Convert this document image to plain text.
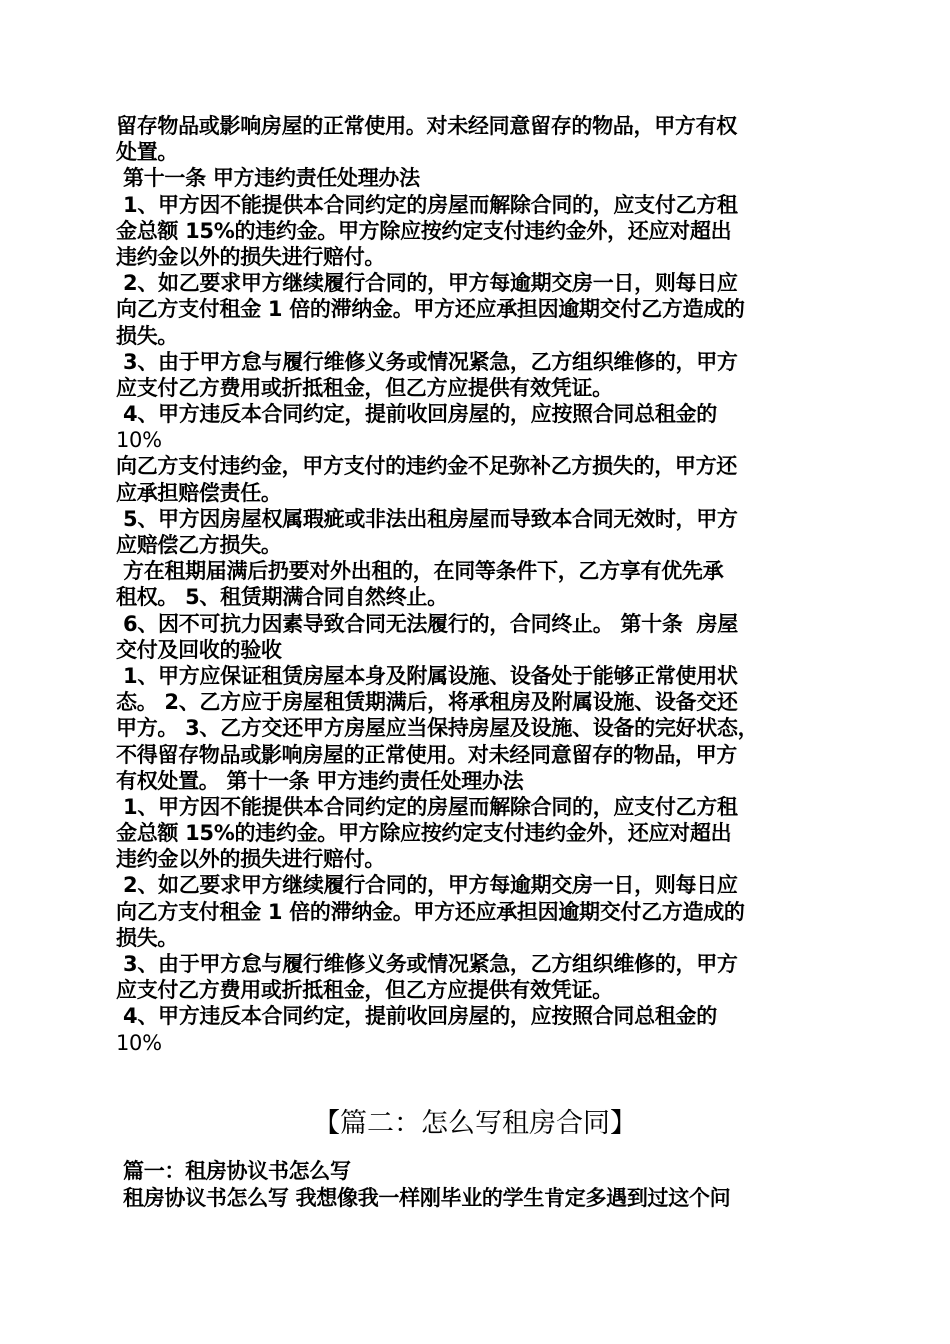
留存物品或影响房屋的正常使用。对未经同意留存的物品，甲方有权
处置。
第十一条 甲方违约责任处理办法
1、甲方因不能提供本合同约定的房屋而解除合同的，应支付乙方租
金总额 15%的违约金。甲方除应按约定支付违约金外，还应对超出
违约金以外的损失进行赔付。
2、如乙要求甲方继续履行合同的，甲方每逾期交房一日，则每日应
向乙方支付租金 1 倍的滞纳金。甲方还应承担因逾期交付乙方造成的
损失。
3、由于甲方怠与履行维修义务或情况紧急，乙方组织维修的，甲方
应支付乙方费用或折抵租金，但乙方应提供有效凭证。
4、甲方违反本合同约定，提前收回房屋的，应按照合同总租金的
10%
向乙方支付违约金，甲方支付的违约金不足弥补乙方损失的，甲方还
应承担赔偿责任。
5、甲方因房屋权属瑕疵或非法出租房屋而导致本合同无效时，甲方
应赔偿乙方损失。
方在租期届满后扔要对外出租的，在同等条件下，乙方享有优先承
租权。 5、租赁期满合同自然终止。
6、因不可抗力因素导致合同无法履行的，合同终止。 第十条  房屋
交付及回收的验收
1、甲方应保证租赁房屋本身及附属设施、设备处于能够正常使用状
态。 2、乙方应于房屋租赁期满后，将承租房及附属设施、设备交还
甲方。 3、乙方交还甲方房屋应当保持房屋及设施、设备的完好状态，
不得留存物品或影响房屋的正常使用。对未经同意留存的物品，甲方
有权处置。 第十一条 甲方违约责任处理办法
1、甲方因不能提供本合同约定的房屋而解除合同的，应支付乙方租
金总额 15%的违约金。甲方除应按约定支付违约金外，还应对超出
违约金以外的损失进行赔付。
2、如乙要求甲方继续履行合同的，甲方每逾期交房一日，则每日应
向乙方支付租金 1 倍的滞纳金。甲方还应承担因逾期交付乙方造成的
损失。
3、由于甲方怠与履行维修义务或情况紧急，乙方组织维修的，甲方
应支付乙方费用或折抵租金，但乙方应提供有效凭证。
4、甲方违反本合同约定，提前收回房屋的，应按照合同总租金的
10%
【篇二：怎么写租房合同】
篇一：租房协议书怎么写
租房协议书怎么写 我想像我一样刚毕业的学生肯定多遇到过这个问
